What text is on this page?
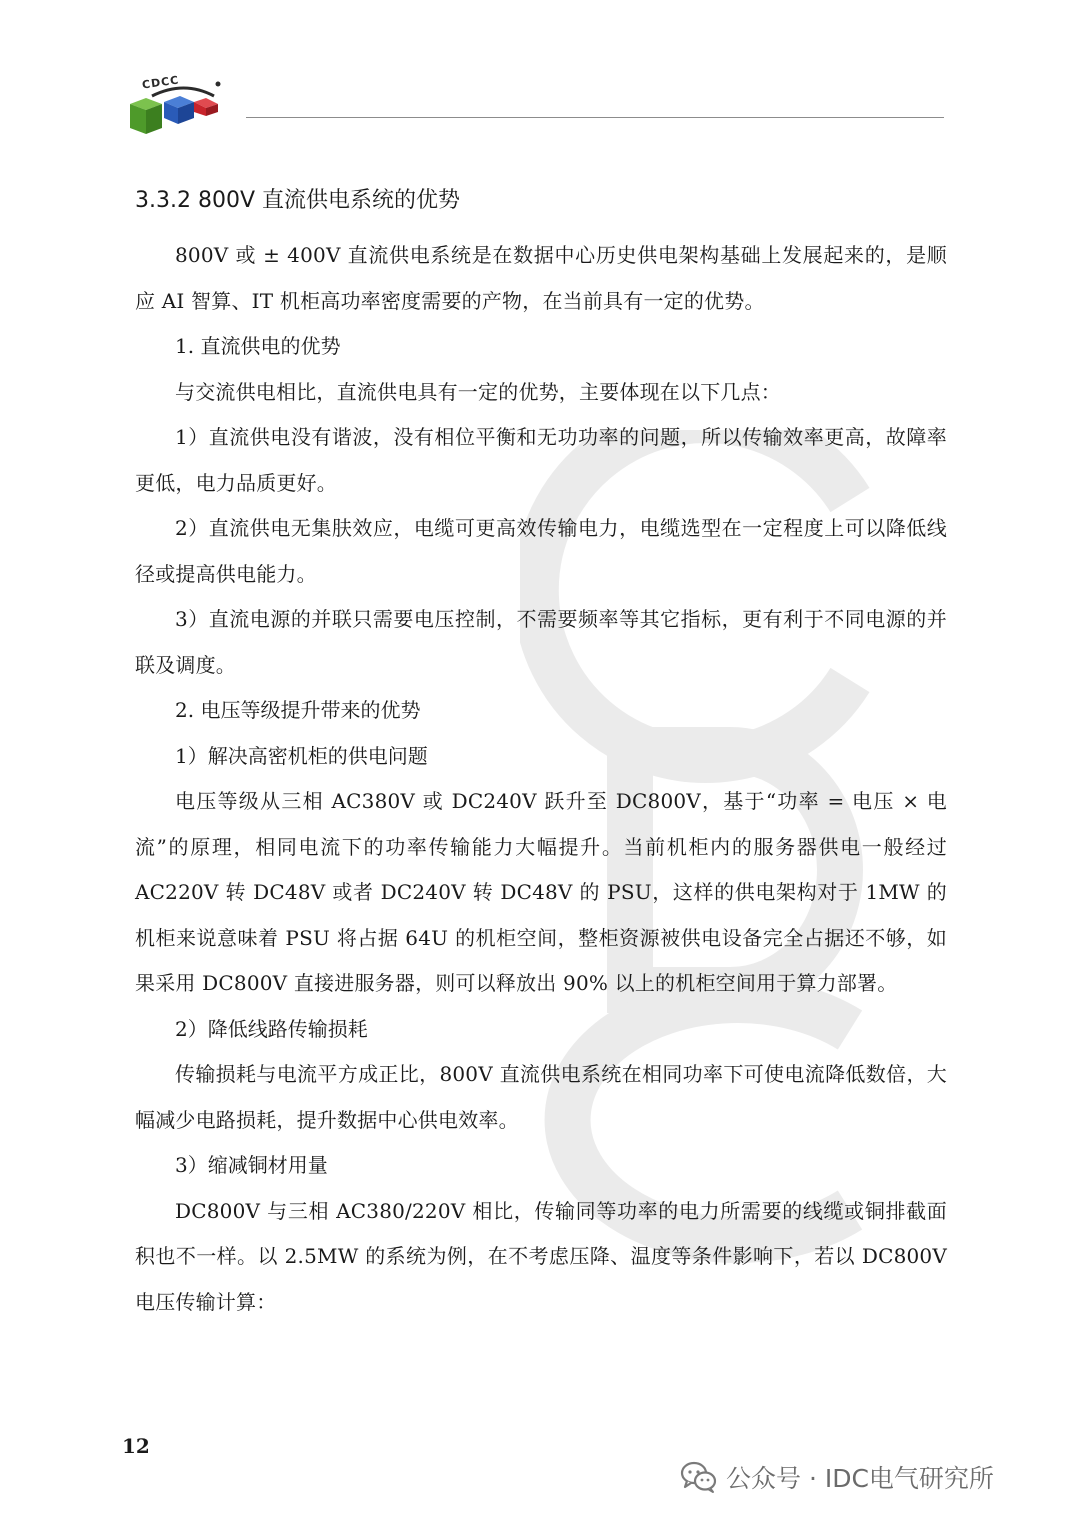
CDCC
3.3.2 800V 直流供电系统的优势

800V 或 ± 400V 直流供电系统是在数据中心历史供电架构基础上发展起来的，是顺应 AI 智算、IT 机柜高功率密度需要的产物，在当前具有一定的优势。

1. 直流供电的优势

与交流供电相比，直流供电具有一定的优势，主要体现在以下几点：

1）直流供电没有谐波，没有相位平衡和无功功率的问题，所以传输效率更高，故障率更低，电力品质更好。

2）直流供电无集肤效应，电缆可更高效传输电力，电缆选型在一定程度上可以降低线径或提高供电能力。

3）直流电源的并联只需要电压控制，不需要频率等其它指标，更有利于不同电源的并联及调度。

2. 电压等级提升带来的优势

1）解决高密机柜的供电问题

电压等级从三相 AC380V 或 DC240V 跃升至 DC800V，基于“功率 = 电压 × 电流”的原理，相同电流下的功率传输能力大幅提升。当前机柜内的服务器供电一般经过 AC220V 转 DC48V 或者 DC240V 转 DC48V 的 PSU，这样的供电架构对于 1MW 的机柜来说意味着 PSU 将占据 64U 的机柜空间，整柜资源被供电设备完全占据还不够，如果采用 DC800V 直接进服务器，则可以释放出 90% 以上的机柜空间用于算力部署。

2）降低线路传输损耗

传输损耗与电流平方成正比，800V 直流供电系统在相同功率下可使电流降低数倍，大幅减少电路损耗，提升数据中心供电效率。

3）缩减铜材用量

DC800V 与三相 AC380/220V 相比，传输同等功率的电力所需要的线缆或铜排截面积也不一样。以 2.5MW 的系统为例，在不考虑压降、温度等条件影响下，若以 DC800V 电压传输计算：

12
公众号 · IDC电气研究所
